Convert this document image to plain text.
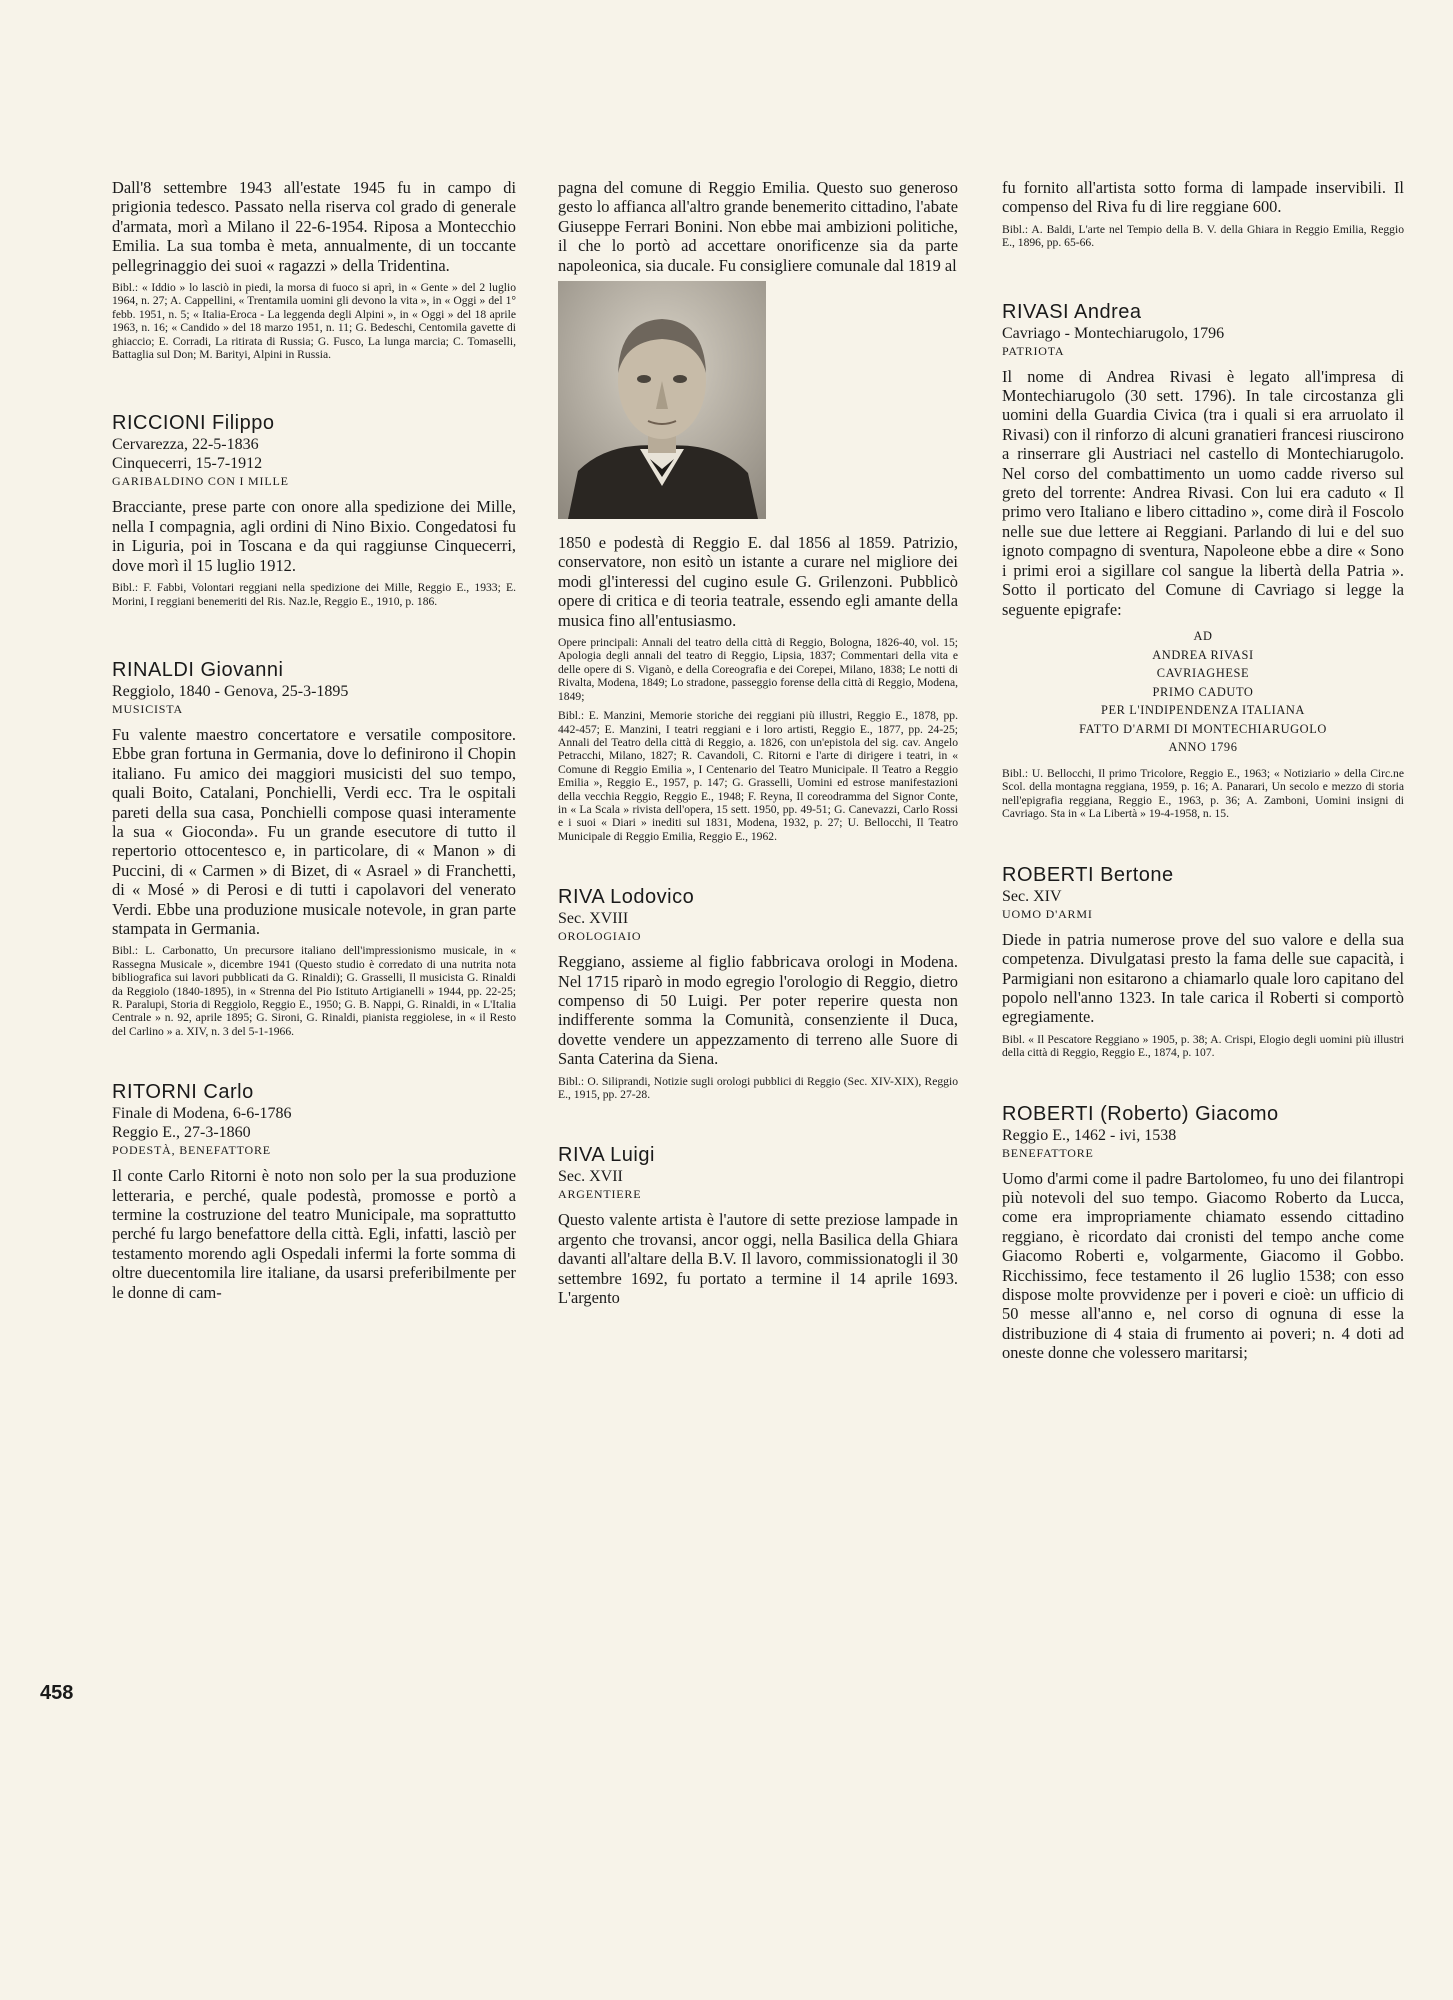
Dall'8 settembre 1943 all'estate 1945 fu in campo di prigionia tedesco. Passato nella riserva col grado di generale d'armata, morì a Milano il 22-6-1954. Riposa a Montecchio Emilia. La sua tomba è meta, annualmente, di un toccante pellegrinaggio dei suoi « ragazzi » della Tridentina.

Bibl.: « Iddio » lo lasciò in piedi, la morsa di fuoco si aprì, in « Gente » del 2 luglio 1964, n. 27; A. Cappellini, « Trentamila uomini gli devono la vita », in « Oggi » del 1° febb. 1951, n. 5; « Italia-Eroca - La leggenda degli Alpini », in « Oggi » del 18 aprile 1963, n. 16; « Candido » del 18 marzo 1951, n. 11; G. Bedeschi, Centomila gavette di ghiaccio; E. Corradi, La ritirata di Russia; G. Fusco, La lunga marcia; C. Tomaselli, Battaglia sul Don; M. Barityi, Alpini in Russia.

RICCIONI Filippo

Cervarezza, 22-5-1836

Cinquecerri, 15-7-1912

GARIBALDINO CON I MILLE

Bracciante, prese parte con onore alla spedizione dei Mille, nella I compagnia, agli ordini di Nino Bixio. Congedatosi fu in Liguria, poi in Toscana e da qui raggiunse Cinquecerri, dove morì il 15 luglio 1912.

Bibl.: F. Fabbi, Volontari reggiani nella spedizione dei Mille, Reggio E., 1933; E. Morini, I reggiani benemeriti del Ris. Naz.le, Reggio E., 1910, p. 186.

RINALDI Giovanni

Reggiolo, 1840 - Genova, 25-3-1895

MUSICISTA

Fu valente maestro concertatore e versatile compositore. Ebbe gran fortuna in Germania, dove lo definirono il Chopin italiano. Fu amico dei maggiori musicisti del suo tempo, quali Boito, Catalani, Ponchielli, Verdi ecc. Tra le ospitali pareti della sua casa, Ponchielli compose quasi interamente la sua « Gioconda». Fu un grande esecutore di tutto il repertorio ottocentesco e, in particolare, di « Manon » di Puccini, di « Carmen » di Bizet, di « Asrael » di Franchetti, di « Mosé » di Perosi e di tutti i capolavori del venerato Verdi. Ebbe una produzione musicale notevole, in gran parte stampata in Germania.

Bibl.: L. Carbonatto, Un precursore italiano dell'impressionismo musicale, in « Rassegna Musicale », dicembre 1941 (Questo studio è corredato di una nutrita nota bibliografica sui lavori pubblicati da G. Rinaldi); G. Grasselli, Il musicista G. Rinaldi da Reggiolo (1840-1895), in « Strenna del Pio Istituto Artigianelli » 1944, pp. 22-25; R. Paralupi, Storia di Reggiolo, Reggio E., 1950; G. B. Nappi, G. Rinaldi, in « L'Italia Centrale » n. 92, aprile 1895; G. Sironi, G. Rinaldi, pianista reggiolese, in « il Resto del Carlino » a. XIV, n. 3 del 5-1-1966.

RITORNI Carlo

Finale di Modena, 6-6-1786

Reggio E., 27-3-1860

PODESTÀ, BENEFATTORE

Il conte Carlo Ritorni è noto non solo per la sua produzione letteraria, e perché, quale podestà, promosse e portò a termine la costruzione del teatro Municipale, ma soprattutto perché fu largo benefattore della città. Egli, infatti, lasciò per testamento morendo agli Ospedali infermi la forte somma di oltre duecentomila lire italiane, da usarsi preferibilmente per le donne di cam-

pagna del comune di Reggio Emilia. Questo suo generoso gesto lo affianca all'altro grande benemerito cittadino, l'abate Giuseppe Ferrari Bonini. Non ebbe mai ambizioni politiche, il che lo portò ad accettare onorificenze sia da parte napoleonica, sia ducale. Fu consigliere comunale dal 1819 al

1850 e podestà di Reggio E. dal 1856 al 1859. Patrizio, conservatore, non esitò un istante a curare nel migliore dei modi gl'interessi del cugino esule G. Grilenzoni. Pubblicò opere di critica e di teoria teatrale, essendo egli amante della musica fino all'entusiasmo.

Opere principali: Annali del teatro della città di Reggio, Bologna, 1826-40, vol. 15; Apologia degli annali del teatro di Reggio, Lipsia, 1837; Commentari della vita e delle opere di S. Viganò, e della Coreografia e dei Corepei, Milano, 1838; Le notti di Rivalta, Modena, 1849; Lo stradone, passeggio forense della città di Reggio, Modena, 1849;

Bibl.: E. Manzini, Memorie storiche dei reggiani più illustri, Reggio E., 1878, pp. 442-457; E. Manzini, I teatri reggiani e i loro artisti, Reggio E., 1877, pp. 24-25; Annali del Teatro della città di Reggio, a. 1826, con un'epistola del sig. cav. Angelo Petracchi, Milano, 1827; R. Cavandoli, C. Ritorni e l'arte di dirigere i teatri, in « Comune di Reggio Emilia », I Centenario del Teatro Municipale. Il Teatro a Reggio Emilia », Reggio E., 1957, p. 147; G. Grasselli, Uomini ed estrose manifestazioni della vecchia Reggio, Reggio E., 1948; F. Reyna, Il coreodramma del Signor Conte, in « La Scala » rivista dell'opera, 15 sett. 1950, pp. 49-51; G. Canevazzi, Carlo Rossi e i suoi « Diari » inediti sul 1831, Modena, 1932, p. 27; U. Bellocchi, Il Teatro Municipale di Reggio Emilia, Reggio E., 1962.

RIVA Lodovico

Sec. XVIII

OROLOGIAIO

Reggiano, assieme al figlio fabbricava orologi in Modena. Nel 1715 riparò in modo egregio l'orologio di Reggio, dietro compenso di 50 Luigi. Per poter reperire questa non indifferente somma la Comunità, consenziente il Duca, dovette vendere un appezzamento di terreno alle Suore di Santa Caterina da Siena.

Bibl.: O. Siliprandi, Notizie sugli orologi pubblici di Reggio (Sec. XIV-XIX), Reggio E., 1915, pp. 27-28.

RIVA Luigi

Sec. XVII

ARGENTIERE

Questo valente artista è l'autore di sette preziose lampade in argento che trovansi, ancor oggi, nella Basilica della Ghiara davanti all'altare della B.V. Il lavoro, commissionatogli il 30 settembre 1692, fu portato a termine il 14 aprile 1693. L'argento

fu fornito all'artista sotto forma di lampade inservibili. Il compenso del Riva fu di lire reggiane 600.

Bibl.: A. Baldi, L'arte nel Tempio della B. V. della Ghiara in Reggio Emilia, Reggio E., 1896, pp. 65-66.

RIVASI Andrea

Cavriago - Montechiarugolo, 1796

PATRIOTA

Il nome di Andrea Rivasi è legato all'impresa di Montechiarugolo (30 sett. 1796). In tale circostanza gli uomini della Guardia Civica (tra i quali si era arruolato il Rivasi) con il rinforzo di alcuni granatieri francesi riuscirono a rinserrare gli Austriaci nel castello di Montechiarugolo. Nel corso del combattimento un uomo cadde riverso sul greto del torrente: Andrea Rivasi. Con lui era caduto « Il primo vero Italiano e libero cittadino », come dirà il Foscolo nelle sue due lettere ai Reggiani. Parlando di lui e del suo ignoto compagno di sventura, Napoleone ebbe a dire « Sono i primi eroi a sigillare col sangue la libertà della Patria ». Sotto il porticato del Comune di Cavriago si legge la seguente epigrafe:

AD
ANDREA RIVASI
CAVRIAGHESE
PRIMO CADUTO
PER L'INDIPENDENZA ITALIANA
FATTO D'ARMI DI MONTECHIARUGOLO
ANNO 1796

Bibl.: U. Bellocchi, Il primo Tricolore, Reggio E., 1963; « Notiziario » della Circ.ne Scol. della montagna reggiana, 1959, p. 16; A. Panarari, Un secolo e mezzo di storia nell'epigrafia reggiana, Reggio E., 1963, p. 36; A. Zamboni, Uomini insigni di Cavriago. Sta in « La Libertà » 19-4-1958, n. 15.

ROBERTI Bertone

Sec. XIV

UOMO D'ARMI

Diede in patria numerose prove del suo valore e della sua competenza. Divulgatasi presto la fama delle sue capacità, i Parmigiani non esitarono a chiamarlo quale loro capitano del popolo nell'anno 1323. In tale carica il Roberti si comportò egregiamente.

Bibl. « Il Pescatore Reggiano » 1905, p. 38; A. Crispi, Elogio degli uomini più illustri della città di Reggio, Reggio E., 1874, p. 107.

ROBERTI (Roberto) Giacomo

Reggio E., 1462 - ivi, 1538

BENEFATTORE

Uomo d'armi come il padre Bartolomeo, fu uno dei filantropi più notevoli del suo tempo. Giacomo Roberto da Lucca, come era impropriamente chiamato essendo cittadino reggiano, è ricordato dai cronisti del tempo anche come Giacomo Roberti e, volgarmente, Giacomo il Gobbo. Ricchissimo, fece testamento il 26 luglio 1538; con esso dispose molte provvidenze per i poveri e cioè: un ufficio di 50 messe all'anno e, nel corso di ognuna di esse la distribuzione di 4 staia di frumento ai poveri; n. 4 doti ad oneste donne che volessero maritarsi;

458
